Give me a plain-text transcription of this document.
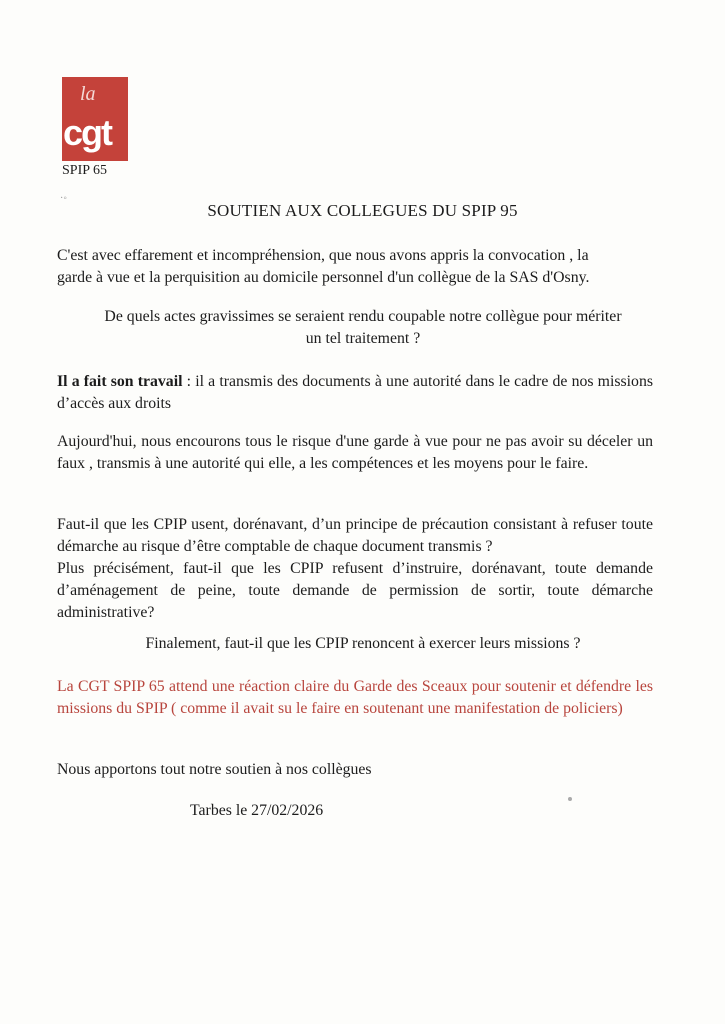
la
cgt
SPIP 65
·◦
SOUTIEN AUX COLLEGUES DU SPIP 95
C'est avec effarement et incompréhension, que nous avons appris la convocation , la
garde à vue et la perquisition au domicile personnel d'un collègue de la SAS d'Osny.
De quels actes gravissimes se seraient rendu coupable notre collègue pour mériter
un tel traitement ?

Il a fait son travail : il a transmis des documents à une autorité dans le cadre de nos missions d’accès aux droits

Aujourd'hui, nous encourons tous le risque d'une garde à vue pour ne pas avoir su déceler un faux , transmis à une autorité qui elle, a les compétences et les moyens pour le faire.

Faut-il que les CPIP usent, dorénavant, d’un principe de précaution consistant à refuser toute démarche au risque d’être comptable de chaque document transmis ?

Plus précisément, faut-il que les CPIP refusent d’instruire, dorénavant, toute demande d’aménagement de peine, toute demande de permission de sortir, toute démarche administrative?

Finalement, faut-il que les CPIP renoncent à exercer leurs missions ?

La CGT SPIP 65 attend une réaction claire du Garde des Sceaux pour soutenir et défendre les missions du SPIP ( comme il avait su le faire en soutenant une manifestation de policiers)

Nous apportons tout notre soutien à nos collègues

Tarbes le 27/02/2026
